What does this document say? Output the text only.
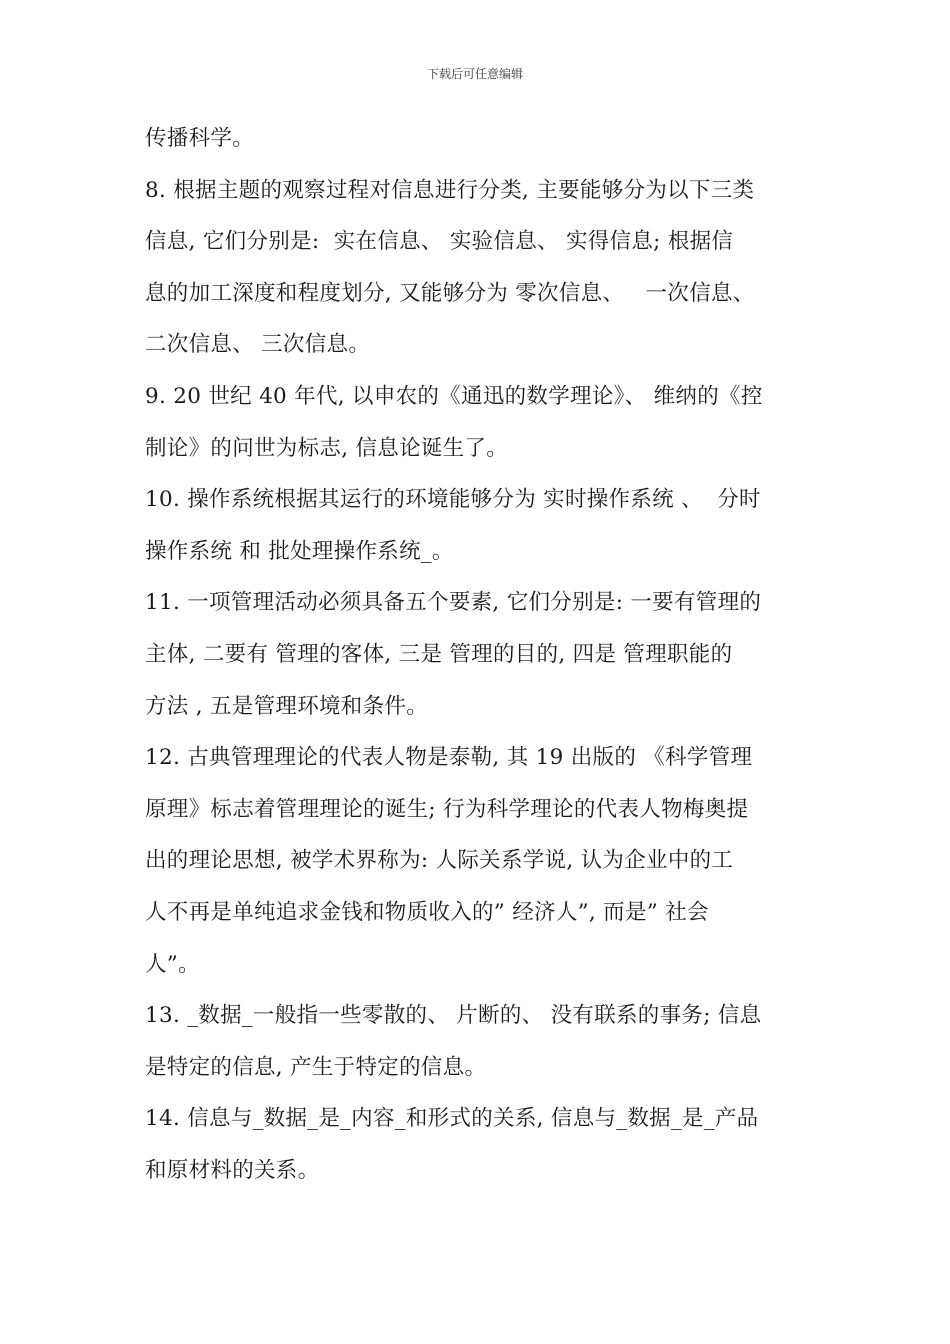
下载后可任意编辑
传播科学。
8. 根据主题的观察过程对信息进行分类, 主要能够分为以下三类
信息, 它们分别是:  实在信息、 实验信息、 实得信息; 根据信
息的加工深度和程度划分, 又能够分为 零次信息、   一次信息、
二次信息、 三次信息。
9. 20 世纪 40 年代, 以申农的《通迅的数学理论》、 维纳的《控
制论》的问世为标志, 信息论诞生了。
10. 操作系统根据其运行的环境能够分为 实时操作系统 、  分时
操作系统 和 批处理操作系统_。
11. 一项管理活动必须具备五个要素, 它们分别是: 一要有管理的
主体, 二要有 管理的客体, 三是 管理的目的, 四是 管理职能的
方法 , 五是管理环境和条件。
12. 古典管理理论的代表人物是泰勒, 其 19 出版的 《科学管理
原理》标志着管理理论的诞生; 行为科学理论的代表人物梅奥提
出的理论思想, 被学术界称为: 人际关系学说, 认为企业中的工
人不再是单纯追求金钱和物质收入的” 经济人”, 而是” 社会
人”。
13. _数据_一般指一些零散的、 片断的、 没有联系的事务; 信息
是特定的信息, 产生于特定的信息。
14. 信息与_数据_是_内容_和形式的关系, 信息与_数据_是_产品
和原材料的关系。
